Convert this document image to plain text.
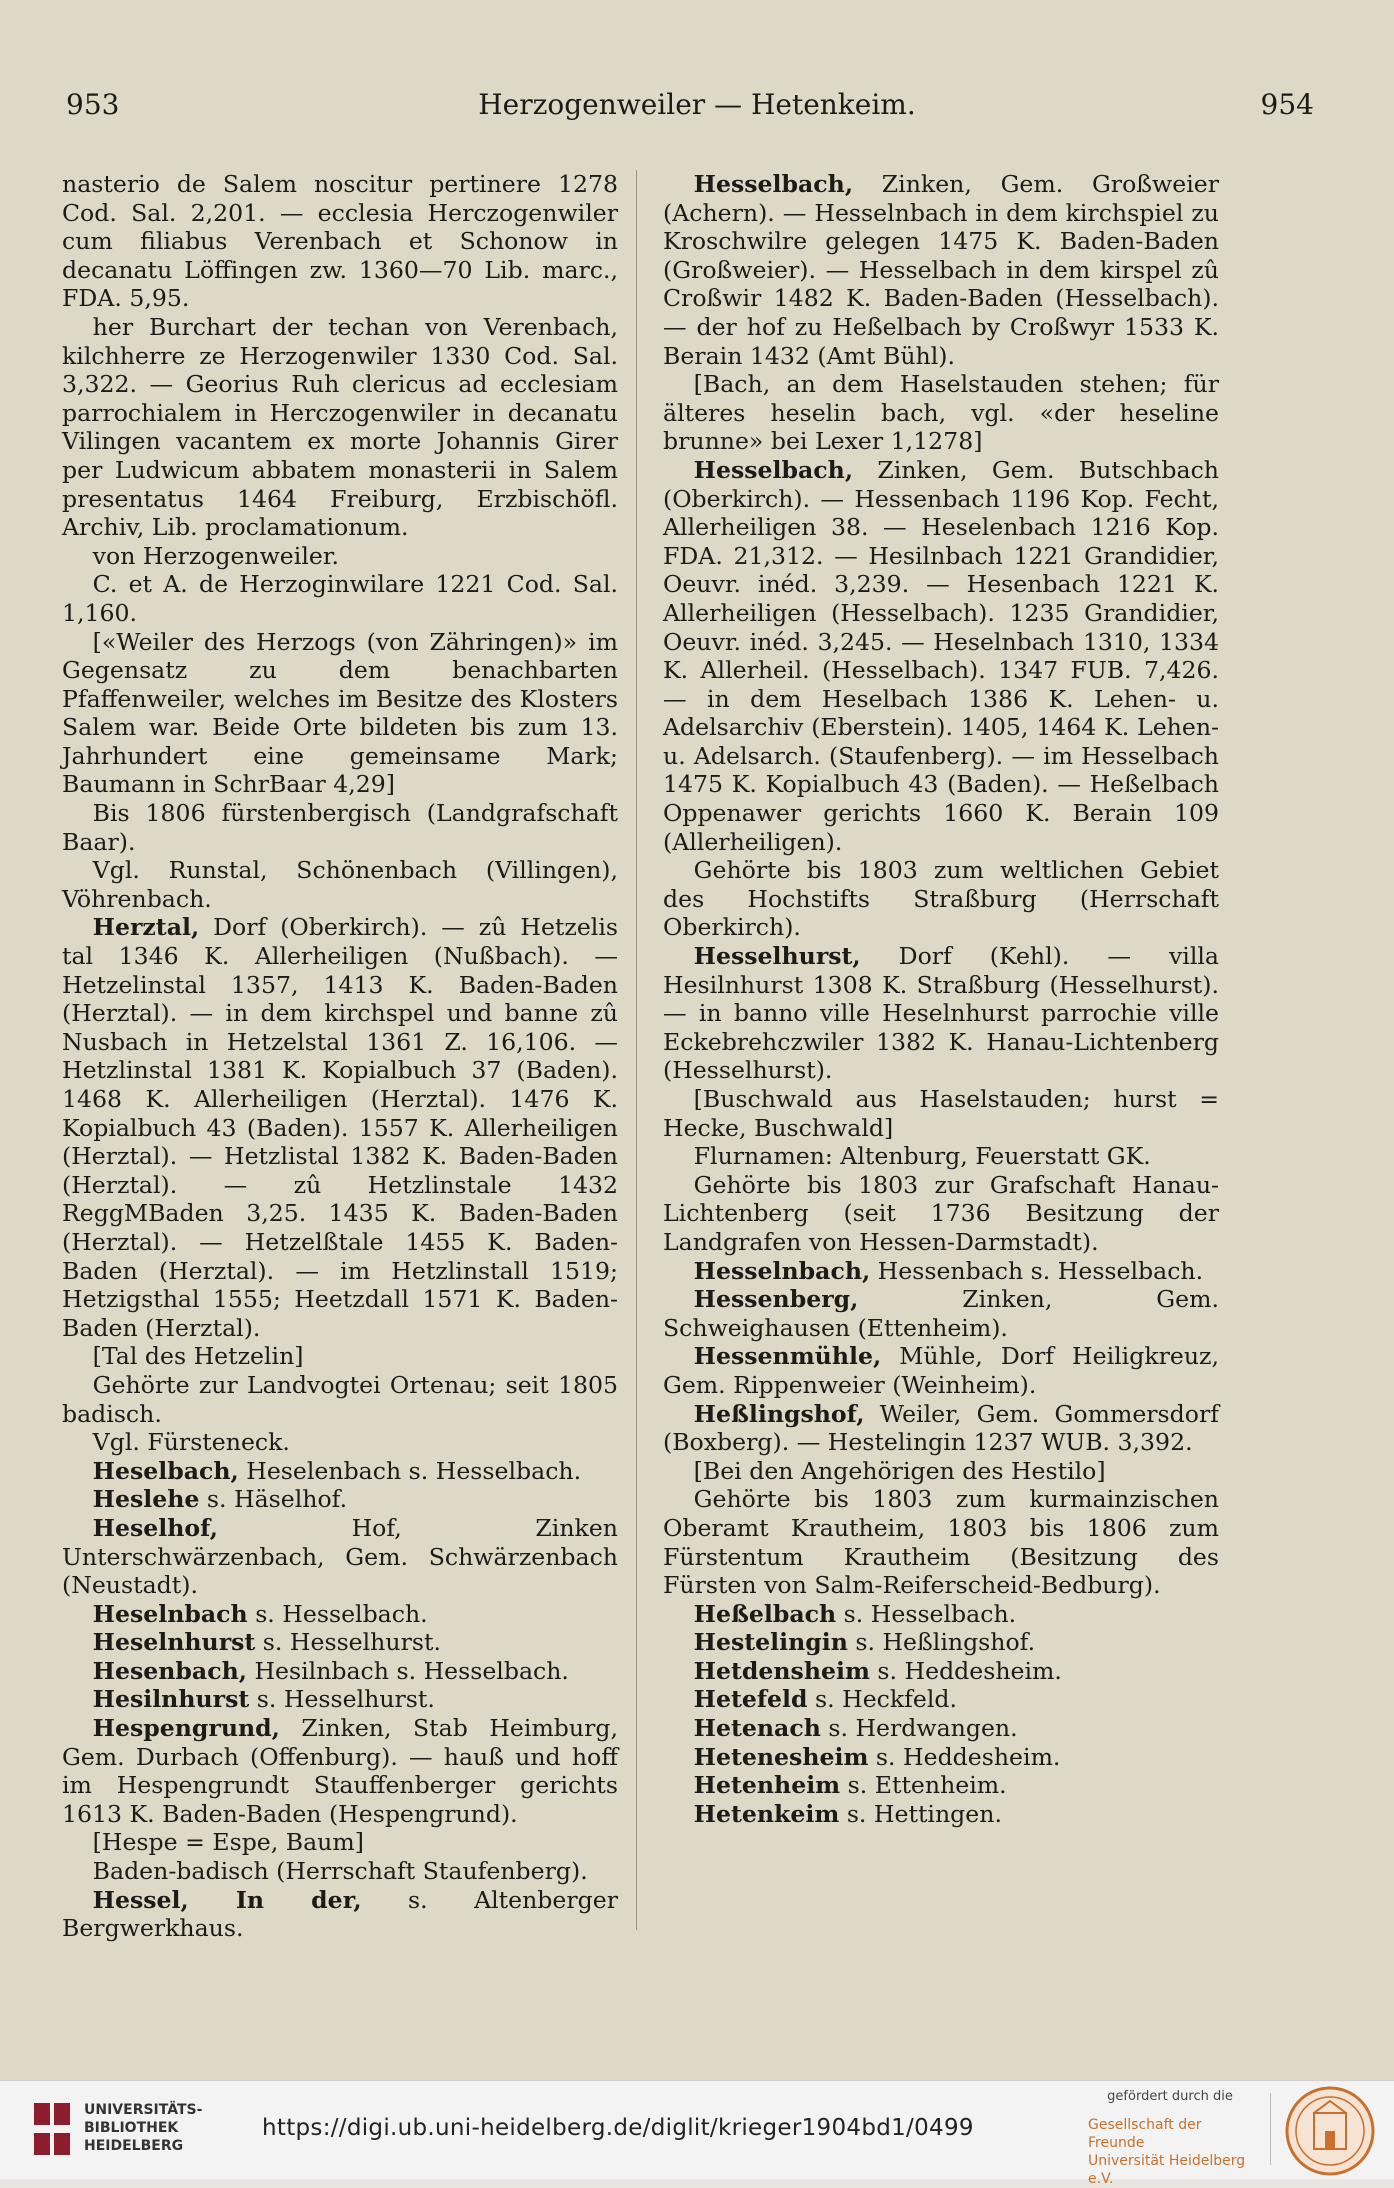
953	Herzogenweiler — Hetenkeim.	954

nasterio de Salem noscitur pertinere 1278 Cod. Sal. 2,201. — ecclesia Herczogenwiler cum filiabus Verenbach et Schonow in decanatu Löffingen zw. 1360—70 Lib. marc., FDA. 5,95.

her Burchart der techan von Verenbach, kilchherre ze Herzogenwiler 1330 Cod. Sal. 3,322. — Georius Ruh clericus ad ecclesiam parrochialem in Herczogenwiler in decanatu Vilingen vacantem ex morte Johannis Girer per Ludwicum abbatem monasterii in Salem presentatus 1464 Freiburg, Erzbischöfl. Archiv, Lib. proclamationum.

von Herzogenweiler.

C. et A. de Herzoginwilare 1221 Cod. Sal. 1,160.

[«Weiler des Herzogs (von Zähringen)» im Gegensatz zu dem benachbarten Pfaffenweiler, welches im Besitze des Klosters Salem war. Beide Orte bildeten bis zum 13. Jahrhundert eine gemeinsame Mark; Baumann in SchrBaar 4,29]

Bis 1806 fürstenbergisch (Landgrafschaft Baar).

Vgl. Runstal, Schönenbach (Villingen), Vöhrenbach.

Herztal, Dorf (Oberkirch). — zû Hetzelis tal 1346 K. Allerheiligen (Nußbach). — Hetzelinstal 1357, 1413 K. Baden-Baden (Herztal). — in dem kirchspel und banne zû Nusbach in Hetzelstal 1361 Z. 16,106. — Hetzlinstal 1381 K. Kopialbuch 37 (Baden). 1468 K. Allerheiligen (Herztal). 1476 K. Kopialbuch 43 (Baden). 1557 K. Allerheiligen (Herztal). — Hetzlistal 1382 K. Baden-Baden (Herztal). — zû Hetzlinstale 1432 ReggMBaden 3,25. 1435 K. Baden-Baden (Herztal). — Hetzelßtale 1455 K. Baden-Baden (Herztal). — im Hetzlinstall 1519; Hetzigsthal 1555; Heetzdall 1571 K. Baden-Baden (Herztal).

[Tal des Hetzelin]

Gehörte zur Landvogtei Ortenau; seit 1805 badisch.

Vgl. Fürsteneck.

Heselbach, Heselenbach s. Hesselbach.

Heslehe s. Häselhof.

Heselhof, Hof, Zinken Unterschwärzenbach, Gem. Schwärzenbach (Neustadt).

Heselnbach s. Hesselbach.

Heselnhurst s. Hesselhurst.

Hesenbach, Hesilnbach s. Hesselbach.

Hesilnhurst s. Hesselhurst.

Hespengrund, Zinken, Stab Heimburg, Gem. Durbach (Offenburg). — hauß und hoff im Hespengrundt Stauffenberger gerichts 1613 K. Baden-Baden (Hespengrund).

[Hespe = Espe, Baum]

Baden-badisch (Herrschaft Staufenberg).

Hessel, In der, s. Altenberger Bergwerkhaus.

Hesselbach, Zinken, Gem. Großweier (Achern). — Hesselnbach in dem kirchspiel zu Kroschwilre gelegen 1475 K. Baden-Baden (Großweier). — Hesselbach in dem kirspel zû Croßwir 1482 K. Baden-Baden (Hesselbach). — der hof zu Heßelbach by Croßwyr 1533 K. Berain 1432 (Amt Bühl).

[Bach, an dem Haselstauden stehen; für älteres heselin bach, vgl. «der heseline brunne» bei Lexer 1,1278]

Hesselbach, Zinken, Gem. Butschbach (Oberkirch). — Hessenbach 1196 Kop. Fecht, Allerheiligen 38. — Heselenbach 1216 Kop. FDA. 21,312. — Hesilnbach 1221 Grandidier, Oeuvr. inéd. 3,239. — Hesenbach 1221 K. Allerheiligen (Hesselbach). 1235 Grandidier, Oeuvr. inéd. 3,245. — Heselnbach 1310, 1334 K. Allerheil. (Hesselbach). 1347 FUB. 7,426. — in dem Heselbach 1386 K. Lehen- u. Adelsarchiv (Eberstein). 1405, 1464 K. Lehen- u. Adelsarch. (Staufenberg). — im Hesselbach 1475 K. Kopialbuch 43 (Baden). — Heßelbach Oppenawer gerichts 1660 K. Berain 109 (Allerheiligen).

Gehörte bis 1803 zum weltlichen Gebiet des Hochstifts Straßburg (Herrschaft Oberkirch).

Hesselhurst, Dorf (Kehl). — villa Hesilnhurst 1308 K. Straßburg (Hesselhurst). — in banno ville Heselnhurst parrochie ville Eckebrehczwiler 1382 K. Hanau-Lichtenberg (Hesselhurst).

[Buschwald aus Haselstauden; hurst = Hecke, Buschwald]

Flurnamen: Altenburg, Feuerstatt GK.

Gehörte bis 1803 zur Grafschaft Hanau-Lichtenberg (seit 1736 Besitzung der Landgrafen von Hessen-Darmstadt).

Hesselnbach, Hessenbach s. Hesselbach.

Hessenberg, Zinken, Gem. Schweighausen (Ettenheim).

Hessenmühle, Mühle, Dorf Heiligkreuz, Gem. Rippenweier (Weinheim).

Heßlingshof, Weiler, Gem. Gommersdorf (Boxberg). — Hestelingin 1237 WUB. 3,392.

[Bei den Angehörigen des Hestilo]

Gehörte bis 1803 zum kurmainzischen Oberamt Krautheim, 1803 bis 1806 zum Fürstentum Krautheim (Besitzung des Fürsten von Salm-Reiferscheid-Bedburg).

Heßelbach s. Hesselbach.

Hestelingin s. Heßlingshof.

Hetdensheim s. Heddesheim.

Hetefeld s. Heckfeld.

Hetenach s. Herdwangen.

Hetenesheim s. Heddesheim.

Hetenheim s. Ettenheim.

Hetenkeim s. Hettingen.

UNIVERSITÄTS-
BIBLIOTHEK
HEIDELBERG
https://digi.ub.uni-heidelberg.de/diglit/krieger1904bd1/0499
gefördert durch die
Gesellschaft der Freunde
Universität Heidelberg e.V.
